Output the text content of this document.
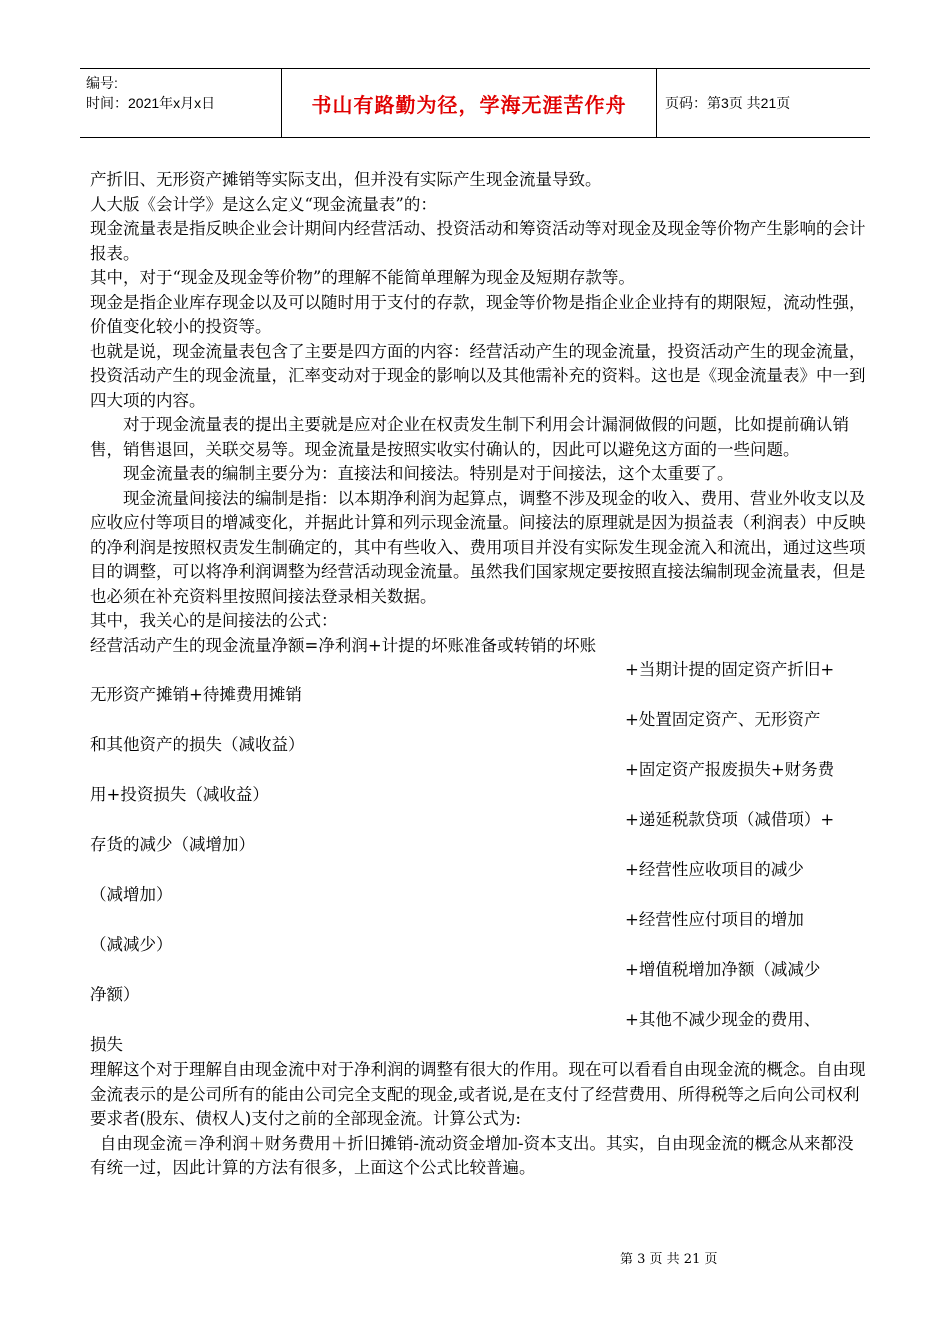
编号:
时间：2021年x月x日	书山有路勤为径，学海无涯苦作舟	页码：第3页 共21页

产折旧、无形资产摊销等实际支出，但并没有实际产生现金流量导致。

人大版《会计学》是这么定义“现金流量表”的：

现金流量表是指反映企业会计期间内经营活动、投资活动和筹资活动等对现金及现金等价物产生影响的会计报表。

其中，对于“现金及现金等价物”的理解不能简单理解为现金及短期存款等。

现金是指企业库存现金以及可以随时用于支付的存款，现金等价物是指企业企业持有的期限短，流动性强，价值变化较小的投资等。

也就是说，现金流量表包含了主要是四方面的内容：经营活动产生的现金流量，投资活动产生的现金流量，投资活动产生的现金流量，汇率变动对于现金的影响以及其他需补充的资料。这也是《现金流量表》中一到四大项的内容。

对于现金流量表的提出主要就是应对企业在权责发生制下利用会计漏洞做假的问题，比如提前确认销售，销售退回，关联交易等。现金流量是按照实收实付确认的，因此可以避免这方面的一些问题。

现金流量表的编制主要分为：直接法和间接法。特别是对于间接法，这个太重要了。

现金流量间接法的编制是指：以本期净利润为起算点，调整不涉及现金的收入、费用、营业外收支以及应收应付等项目的增减变化，并据此计算和列示现金流量。间接法的原理就是因为损益表（利润表）中反映的净利润是按照权责发生制确定的，其中有些收入、费用项目并没有实际发生现金流入和流出，通过这些项目的调整，可以将净利润调整为经营活动现金流量。虽然我们国家规定要按照直接法编制现金流量表，但是也必须在补充资料里按照间接法登录相关数据。

其中，我关心的是间接法的公式：

经营活动产生的现金流量净额=净利润+计提的坏账准备或转销的坏账

+当期计提的固定资产折旧+

无形资产摊销+待摊费用摊销

+处置固定资产、无形资产

和其他资产的损失（减收益）

+固定资产报废损失+财务费

用+投资损失（减收益）

+递延税款贷项（减借项）+

存货的减少（减增加）

+经营性应收项目的减少

（减增加）

+经营性应付项目的增加

（减减少）

+增值税增加净额（减减少

净额）

+其他不减少现金的费用、

损失

理解这个对于理解自由现金流中对于净利润的调整有很大的作用。现在可以看看自由现金流的概念。自由现金流表示的是公司所有的能由公司完全支配的现金,或者说,是在支付了经营费用、所得税等之后向公司权利要求者(股东、债权人)支付之前的全部现金流。计算公式为:

自由现金流＝净利润＋财务费用＋折旧摊销-流动资金增加-资本支出。其实，自由现金流的概念从来都没有统一过，因此计算的方法有很多，上面这个公式比较普遍。

第 3 页 共 21 页
